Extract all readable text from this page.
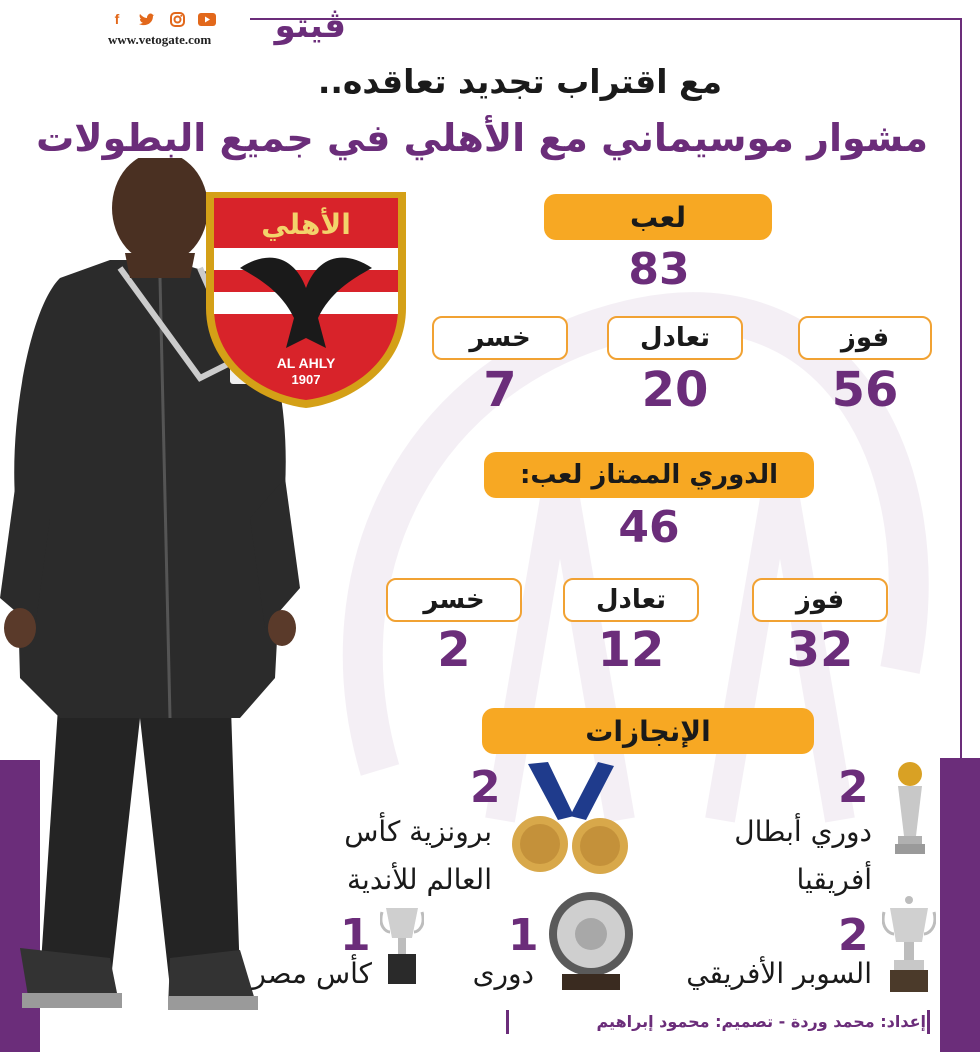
f
www.vetogate.com	ڤيتو
مع اقتراب تجديد تعاقده..
مشوار موسيماني مع الأهلي في جميع البطولات
الأهلي
AL AHLY
1907
لعب
83
فوز
تعادل
خسر
56
20
7
الدوري الممتاز لعب:
46
فوز
تعادل
خسر
32
12
2
الإنجازات
2
دوري أبطال
أفريقيا
2
برونزية كأس
العالم للأندية
2
السوبر الأفريقي
1
دورى
1
كأس مصر
إعداد: محمد وردة - تصميم: محمود إبراهيم
